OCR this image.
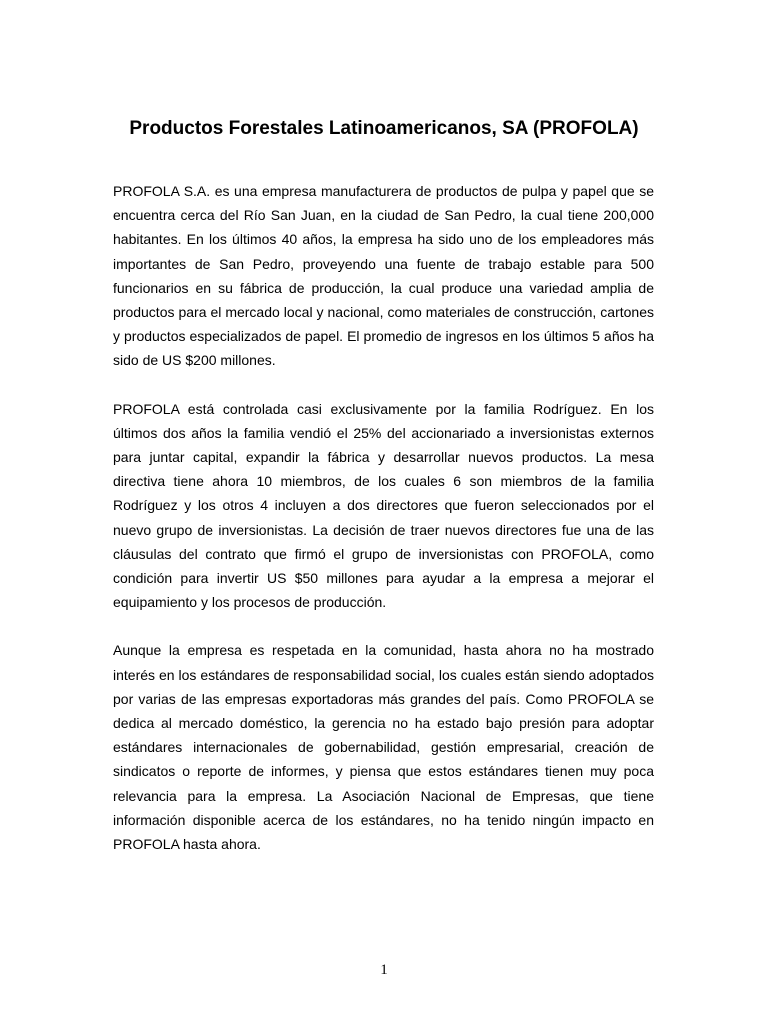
Productos Forestales Latinoamericanos, SA (PROFOLA)

PROFOLA S.A. es una empresa manufacturera de productos de pulpa y papel que se encuentra cerca del Río San Juan, en la ciudad de San Pedro, la cual tiene 200,000 habitantes. En los últimos 40 años, la empresa ha sido uno de los empleadores más importantes de San Pedro, proveyendo una fuente de trabajo estable para 500 funcionarios en su fábrica de producción, la cual produce una variedad amplia de productos para el mercado local y nacional, como materiales de construcción, cartones y productos especializados de papel. El promedio de ingresos en los últimos 5 años ha sido de US $200 millones.

PROFOLA está controlada casi exclusivamente por la familia Rodríguez. En los últimos dos años la familia vendió el 25% del accionariado a inversionistas externos para juntar capital, expandir la fábrica y desarrollar nuevos productos. La mesa directiva tiene ahora 10 miembros, de los cuales 6 son miembros de la familia Rodríguez y los otros 4 incluyen a dos directores que fueron seleccionados por el nuevo grupo de inversionistas. La decisión de traer nuevos directores fue una de las cláusulas del contrato que firmó el grupo de inversionistas con PROFOLA, como condición para invertir US $50 millones para ayudar a la empresa a mejorar el equipamiento y los procesos de producción.

Aunque la empresa es respetada en la comunidad, hasta ahora no ha mostrado interés en los estándares de responsabilidad social, los cuales están siendo adoptados por varias de las empresas exportadoras más grandes del país. Como PROFOLA se dedica al mercado doméstico, la gerencia no ha estado bajo presión para adoptar estándares internacionales de gobernabilidad, gestión empresarial, creación de sindicatos o reporte de informes, y piensa que estos estándares tienen muy poca relevancia para la empresa. La Asociación Nacional de Empresas, que tiene información disponible acerca de los estándares, no ha tenido ningún impacto en PROFOLA hasta ahora.

1
